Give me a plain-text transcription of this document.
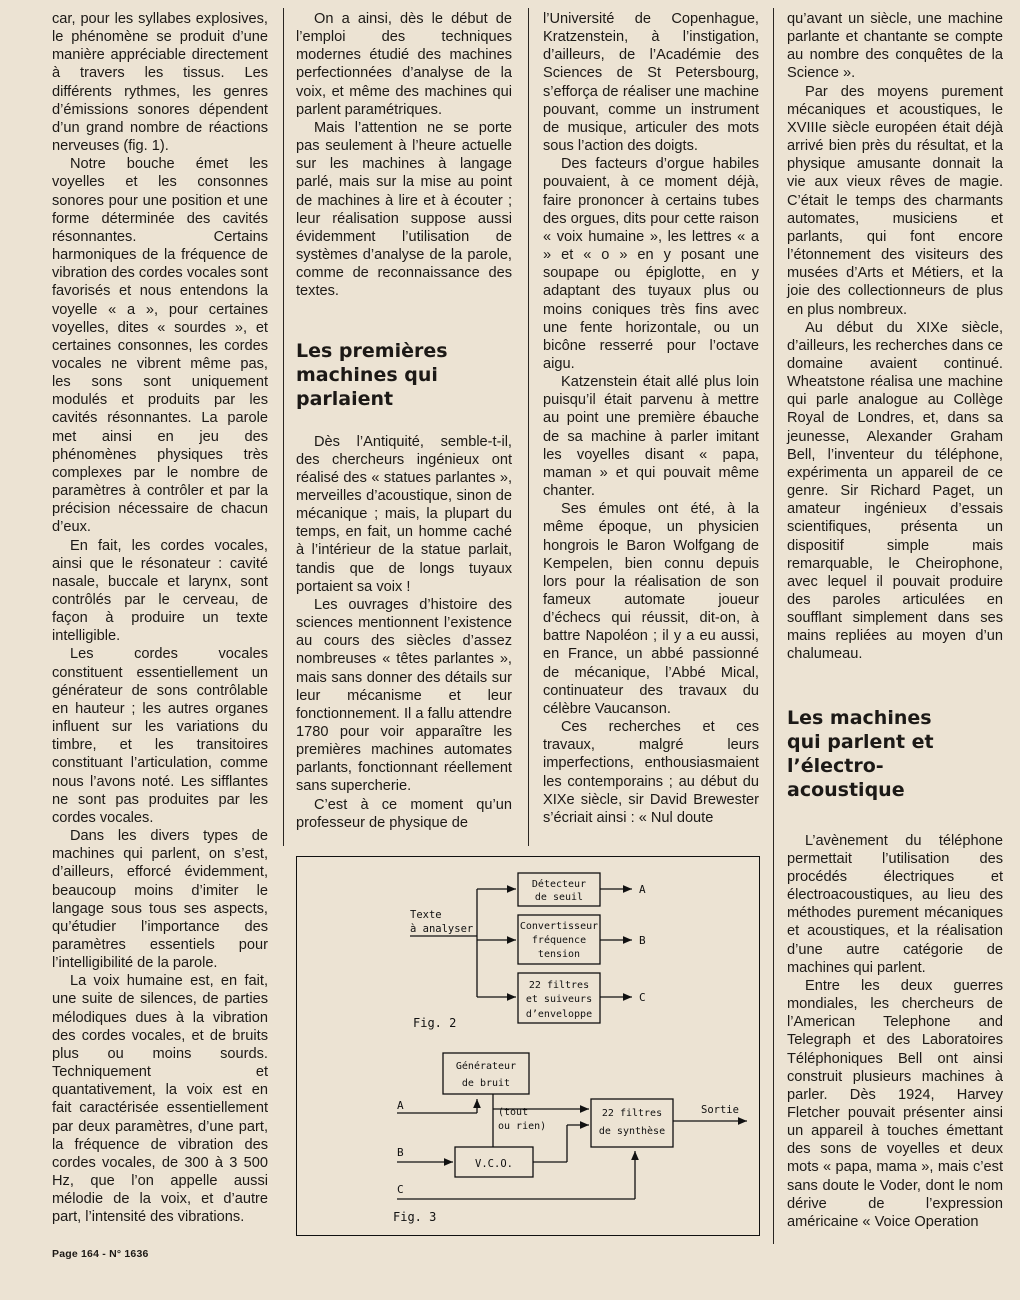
car, pour les syllabes explosives, le phénomène se produit d’une manière appréciable directement à travers les tissus. Les différents rythmes, les genres d’émissions sonores dépendent d’un grand nombre de réactions nerveuses (fig. 1).

Notre bouche émet les voyelles et les consonnes sonores pour une position et une forme déterminée des cavités résonnantes. Certains harmoniques de la fréquence de vibration des cordes vocales sont favorisés et nous entendons la voyelle « a », pour certaines voyelles, dites « sourdes », et certaines consonnes, les cordes vocales ne vibrent même pas, les sons sont uniquement modulés et produits par les cavités résonnantes. La parole met ainsi en jeu des phénomènes physiques très complexes par le nombre de paramètres à contrôler et par la précision nécessaire de chacun d’eux.

En fait, les cordes vocales, ainsi que le résonateur : cavité nasale, buccale et larynx, sont contrôlés par le cerveau, de façon à produire un texte intelligible.

Les cordes vocales constituent essentiellement un générateur de sons contrôlable en hauteur ; les autres organes influent sur les variations du timbre, et les transitoires constituant l’articulation, comme nous l’avons noté. Les sifflantes ne sont pas produites par les cordes vocales.

Dans les divers types de machines qui parlent, on s’est, d’ailleurs, efforcé évidemment, beaucoup moins d’imiter le langage sous tous ses aspects, qu’étudier l’importance des paramètres essentiels pour l’intelligibilité de la parole.

La voix humaine est, en fait, une suite de silences, de parties mélodiques dues à la vibration des cordes vocales, et de bruits plus ou moins sourds. Techniquement et quantativement, la voix est en fait caractérisée essentiellement par deux paramètres, d’une part, la fréquence de vibration des cordes vocales, de 300 à 3 500 Hz, que l’on appelle aussi mélodie de la voix, et d’autre part, l’intensité des vibrations.

On a ainsi, dès le début de l’emploi des techniques modernes étudié des machines perfectionnées d’analyse de la voix, et même des machines qui parlent paramétriques.

Mais l’attention ne se porte pas seulement à l’heure actuelle sur les machines à langage parlé, mais sur la mise au point de machines à lire et à écouter ; leur réalisation suppose aussi évidemment l’utilisation de systèmes d’analyse de la parole, comme de reconnaissance des textes.

Les premières machines qui parlaient

Dès l’Antiquité, semble-t-il, des chercheurs ingénieux ont réalisé des « statues parlantes », merveilles d’acoustique, sinon de mécanique ; mais, la plupart du temps, en fait, un homme caché à l’intérieur de la statue parlait, tandis que de longs tuyaux portaient sa voix !

Les ouvrages d’histoire des sciences mentionnent l’existence au cours des siècles d’assez nombreuses « têtes parlantes », mais sans donner des détails sur leur mécanisme et leur fonctionnement. Il a fallu attendre 1780 pour voir apparaître les premières machines automates parlants, fonctionnant réellement sans supercherie.

C’est à ce moment qu’un professeur de physique de

l’Université de Copenhague, Kratzenstein, à l’instigation, d’ailleurs, de l’Académie des Sciences de St Petersbourg, s’efforça de réaliser une machine pouvant, comme un instrument de musique, articuler des mots sous l’action des doigts.

Des facteurs d’orgue habiles pouvaient, à ce moment déjà, faire prononcer à certains tubes des orgues, dits pour cette raison « voix humaine », les lettres « a » et « o » en y posant une soupape ou épiglotte, en y adaptant des tuyaux plus ou moins coniques très fins avec une fente horizontale, ou un bicône resserré pour l’octave aigu.

Katzenstein était allé plus loin puisqu’il était parvenu à mettre au point une première ébauche de sa machine à parler imitant les voyelles disant « papa, maman » et qui pouvait même chanter.

Ses émules ont été, à la même époque, un physicien hongrois le Baron Wolfgang de Kempelen, bien connu depuis lors pour la réalisation de son fameux automate joueur d’échecs qui réussit, dit-on, à battre Napoléon ; il y a eu aussi, en France, un abbé passionné de mécanique, l’Abbé Mical, continuateur des travaux du célèbre Vaucanson.

Ces recherches et ces travaux, malgré leurs imperfections, enthousiasmaient les contemporains ; au début du XIXe siècle, sir David Brewester s’écriait ainsi : « Nul doute

qu’avant un siècle, une machine parlante et chantante se compte au nombre des conquêtes de la Science ».

Par des moyens purement mécaniques et acoustiques, le XVIIIe siècle européen était déjà arrivé bien près du résultat, et la physique amusante donnait la vie aux vieux rêves de magie. C’était le temps des charmants automates, musiciens et parlants, qui font encore l’étonnement des visiteurs des musées d’Arts et Métiers, et la joie des collectionneurs de plus en plus nombreux.

Au début du XIXe siècle, d’ailleurs, les recherches dans ce domaine avaient continué. Wheatstone réalisa une machine qui parle analogue au Collège Royal de Londres, et, dans sa jeunesse, Alexander Graham Bell, l’inventeur du téléphone, expérimenta un appareil de ce genre. Sir Richard Paget, un amateur ingénieux d’essais scientifiques, présenta un dispositif simple mais remarquable, le Cheirophone, avec lequel il pouvait produire des paroles articulées en soufflant simplement dans ses mains repliées au moyen d’un chalumeau.

Les machines qui parlent et l’électro-acoustique

L’avènement du téléphone permettait l’utilisation des procédés électriques et électroacoustiques, au lieu des méthodes purement mécaniques et acoustiques, et la réalisation d’une autre catégorie de machines qui parlent.

Entre les deux guerres mondiales, les chercheurs de l’American Telephone and Telegraph et des Laboratoires Téléphoniques Bell ont ainsi construit plusieurs machines à parler. Dès 1924, Harvey Fletcher pouvait présenter ainsi un appareil à touches émettant des sons de voyelles et deux mots « papa, mama », mais c’est sans doute le Voder, dont le nom dérive de l’expression américaine « Voice Operation

Texte
à analyser
Détecteur
de seuil
Convertisseur
fréquence
tension
22 filtres
et suiveurs
d’enveloppe
A
B
C
Fig. 2
Générateur
de bruit
A
(tout
ou rien)
B
V.C.O.
22 filtres
de synthèse
Sortie
C
Fig. 3
Page 164 - N° 1636
